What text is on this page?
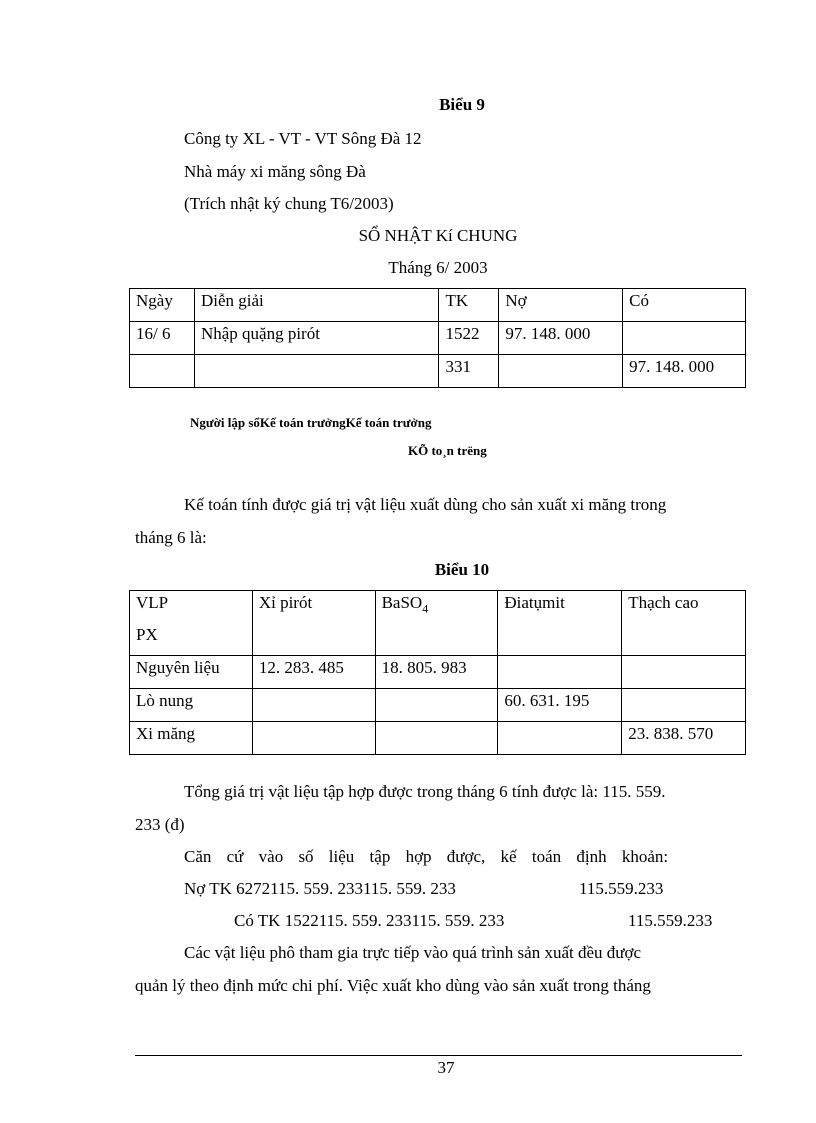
Biểu 9
Công ty XL - VT - VT Sông Đà 12
Nhà máy xi măng sông Đà
(Trích nhật ký chung T6/2003)
SỔ NHẬT Kí CHUNG
Tháng 6/ 2003
Ngày	Diễn giải	TK	Nợ	Có
16/ 6	Nhập quặng pirót	1522	97. 148. 000	
		331		97. 148. 000
Người lập sổKế toán trưởngKế toán trưởng
KÕ to¸n trëng
Kế toán tính được giá trị vật liệu xuất dùng cho sản xuất xi măng trong
tháng 6 là:
Biểu 10
VLP
PX	Xỉ pirót	BaSO$_4$	Điatụmit	Thạch cao
Nguyên liệu	12. 283. 485	18. 805. 983		
Lò nung			60. 631. 195	
Xi măng				23. 838. 570
Tổng giá trị vật liệu tập hợp được trong tháng 6 tính được là: 115. 559.
233 (đ)
Căn cứ vào số liệu tập hợp được, kế toán định khoản:
Nợ TK 6272115. 559. 233115. 559. 233	115.559.233
Có TK 1522115. 559. 233115. 559. 233	115.559.233
Các vật liệu phô tham gia trực tiếp vào quá trình sản xuất đều được
quản lý theo định mức chi phí. Việc xuất kho dùng vào sản xuất trong tháng
37
